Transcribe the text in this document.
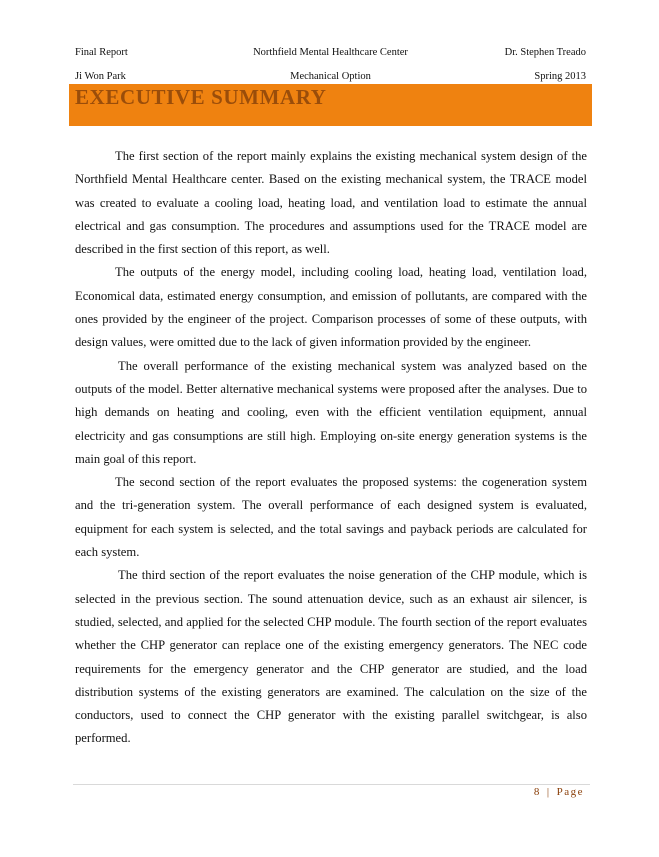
Final Report	Northfield Mental Healthcare Center	Dr. Stephen Treado
Ji Won Park	Mechanical Option	Spring 2013
EXECUTIVE SUMMARY

The first section of the report mainly explains the existing mechanical system design of the Northfield Mental Healthcare center. Based on the existing mechanical system, the TRACE model was created to evaluate a cooling load, heating load, and ventilation load to estimate the annual electrical and gas consumption. The procedures and assumptions used for the TRACE model are described in the first section of this report, as well.

The outputs of the energy model, including cooling load, heating load, ventilation load, Economical data, estimated energy consumption, and emission of pollutants, are compared with the ones provided by the engineer of the project. Comparison processes of some of these outputs, with design values, were omitted due to the lack of given information provided by the engineer.

The overall performance of the existing mechanical system was analyzed based on the outputs of the model. Better alternative mechanical systems were proposed after the analyses. Due to high demands on heating and cooling, even with the efficient ventilation equipment, annual electricity and gas consumptions are still high. Employing on-site energy generation systems is the main goal of this report.

The second section of the report evaluates the proposed systems: the cogeneration system and the tri-generation system. The overall performance of each designed system is evaluated, equipment for each system is selected, and the total savings and payback periods are calculated for each system.

The third section of the report evaluates the noise generation of the CHP module, which is selected in the previous section. The sound attenuation device, such as an exhaust air silencer, is studied, selected, and applied for the selected CHP module. The fourth section of the report evaluates whether the CHP generator can replace one of the existing emergency generators. The NEC code requirements for the emergency generator and the CHP generator are studied, and the load distribution systems of the existing generators are examined. The calculation on the size of the conductors, used to connect the CHP generator with the existing parallel switchgear, is also performed.

8 | Page
